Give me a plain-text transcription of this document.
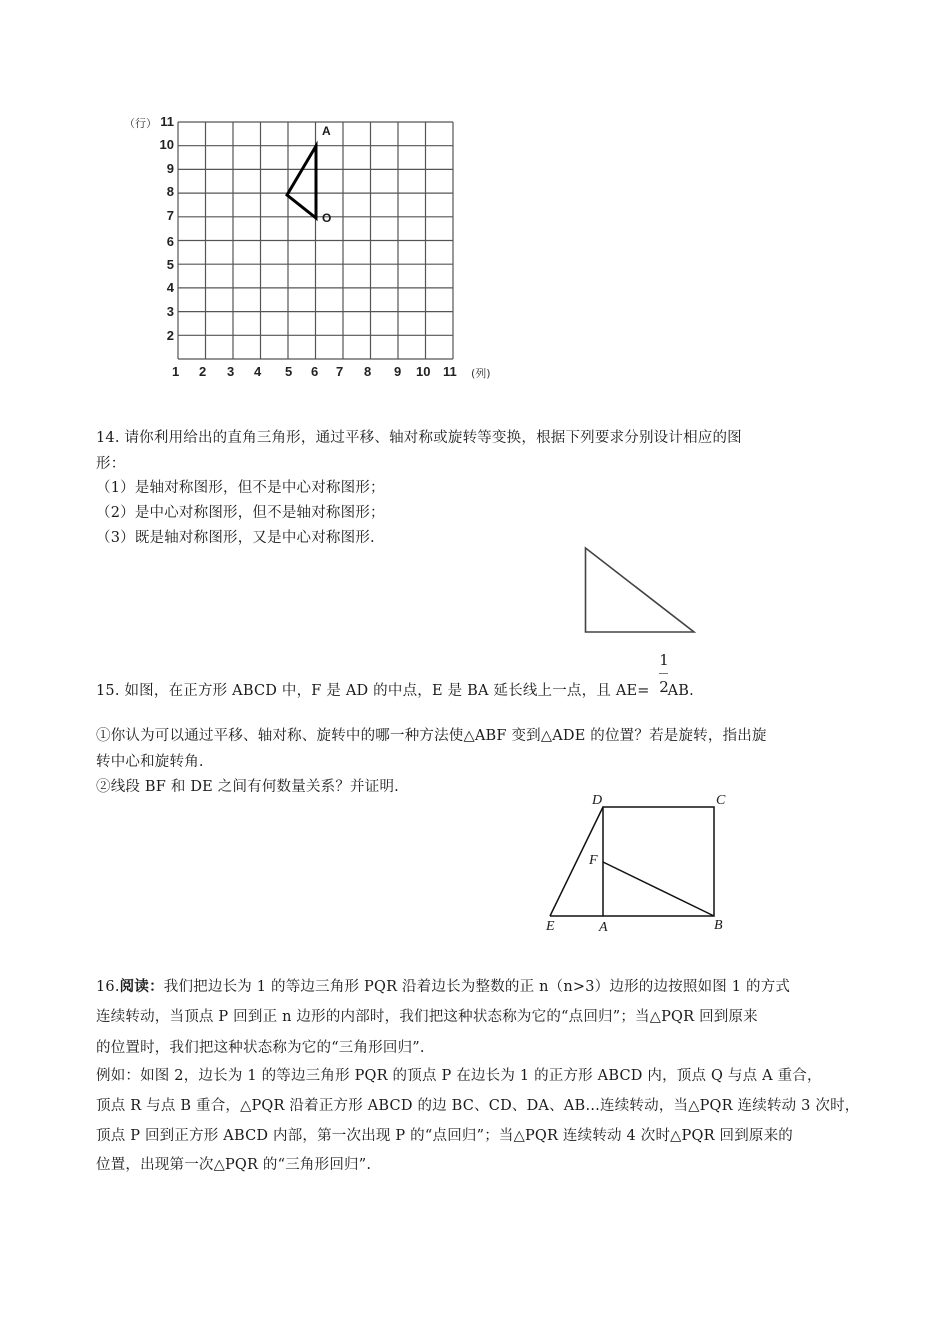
（行） 11
10
9
8
7
6
5
4
3
2
1 2 3 4 5 6 7 8 9 10 11 (列)
A
O
14. 请你利用给出的直角三角形，通过平移、轴对称或旋转等变换，根据下列要求分别设计相应的图
形：
（1）是轴对称图形，但不是中心对称图形；
（2）是中心对称图形，但不是轴对称图形；
（3）既是轴对称图形，又是中心对称图形.
15. 如图，在正方形 ABCD 中，F 是 AD 的中点，E 是 BA 延长线上一点，且 AE= AB.
1
2
①你认为可以通过平移、轴对称、旋转中的哪一种方法使△ABF 变到△ADE 的位置？若是旋转，指出旋
转中心和旋转角.
②线段 BF 和 DE 之间有何数量关系？并证明.
D	C
F
E	A	B
16.阅读：我们把边长为 1 的等边三角形 PQR 沿着边长为整数的正 n（n>3）边形的边按照如图 1 的方式
连续转动，当顶点 P 回到正 n 边形的内部时，我们把这种状态称为它的“点回归”；当△PQR 回到原来
的位置时，我们把这种状态称为它的“三角形回归”.
例如：如图 2，边长为 1 的等边三角形 PQR 的顶点 P 在边长为 1 的正方形 ABCD 内，顶点 Q 与点 A 重合，
顶点 R 与点 B 重合，△PQR 沿着正方形 ABCD 的边 BC、CD、DA、AB…连续转动，当△PQR 连续转动 3 次时，
顶点 P 回到正方形 ABCD 内部，第一次出现 P 的“点回归”；当△PQR 连续转动 4 次时△PQR 回到原来的
位置，出现第一次△PQR 的“三角形回归”.
